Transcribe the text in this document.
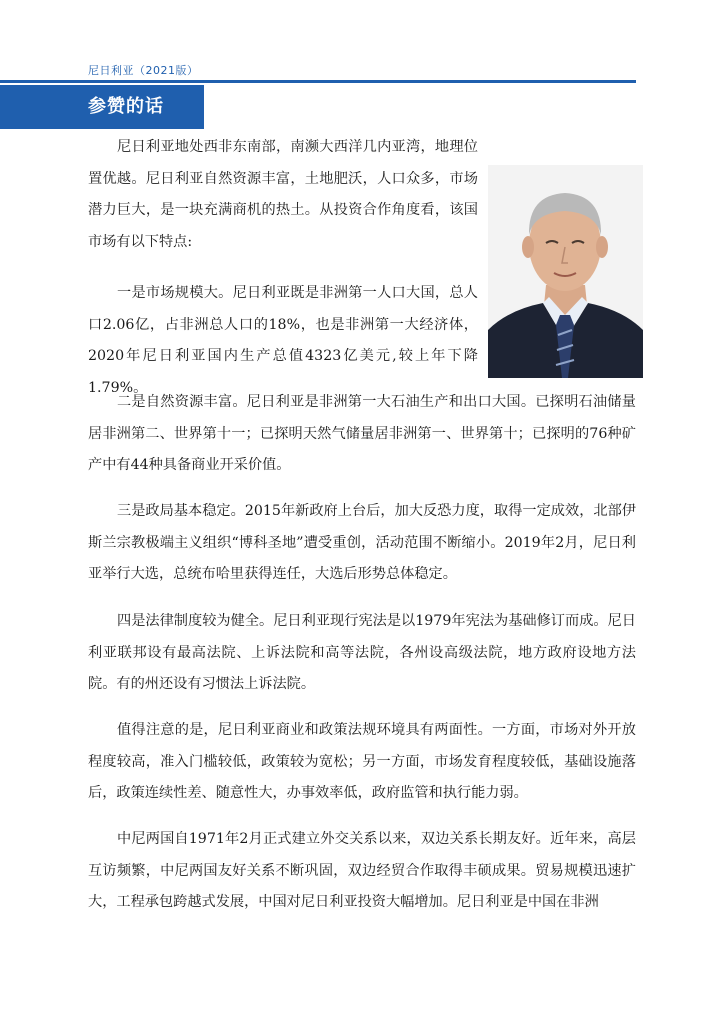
尼日利亚（2021版）
参赞的话

尼日利亚地处西非东南部，南濒大西洋几内亚湾，地理位置优越。尼日利亚自然资源丰富，土地肥沃，人口众多，市场潜力巨大，是一块充满商机的热土。从投资合作角度看，该国市场有以下特点:

一是市场规模大。尼日利亚既是非洲第一人口大国，总人口2.06亿，占非洲总人口的18%，也是非洲第一大经济体，2020年尼日利亚国内生产总值4323亿美元,较上年下降1.79%。

二是自然资源丰富。尼日利亚是非洲第一大石油生产和出口大国。已探明石油储量居非洲第二、世界第十一；已探明天然气储量居非洲第一、世界第十；已探明的76种矿产中有44种具备商业开采价值。

三是政局基本稳定。2015年新政府上台后，加大反恐力度，取得一定成效，北部伊斯兰宗教极端主义组织“博科圣地”遭受重创，活动范围不断缩小。2019年2月，尼日利亚举行大选，总统布哈里获得连任，大选后形势总体稳定。

四是法律制度较为健全。尼日利亚现行宪法是以1979年宪法为基础修订而成。尼日利亚联邦设有最高法院、上诉法院和高等法院，各州设高级法院，地方政府设地方法院。有的州还设有习惯法上诉法院。

值得注意的是，尼日利亚商业和政策法规环境具有两面性。一方面，市场对外开放程度较高，准入门槛较低，政策较为宽松；另一方面，市场发育程度较低，基础设施落后，政策连续性差、随意性大，办事效率低，政府监管和执行能力弱。

中尼两国自1971年2月正式建立外交关系以来，双边关系长期友好。近年来，高层互访频繁，中尼两国友好关系不断巩固，双边经贸合作取得丰硕成果。贸易规模迅速扩大，工程承包跨越式发展，中国对尼日利亚投资大幅增加。尼日利亚是中国在非洲
